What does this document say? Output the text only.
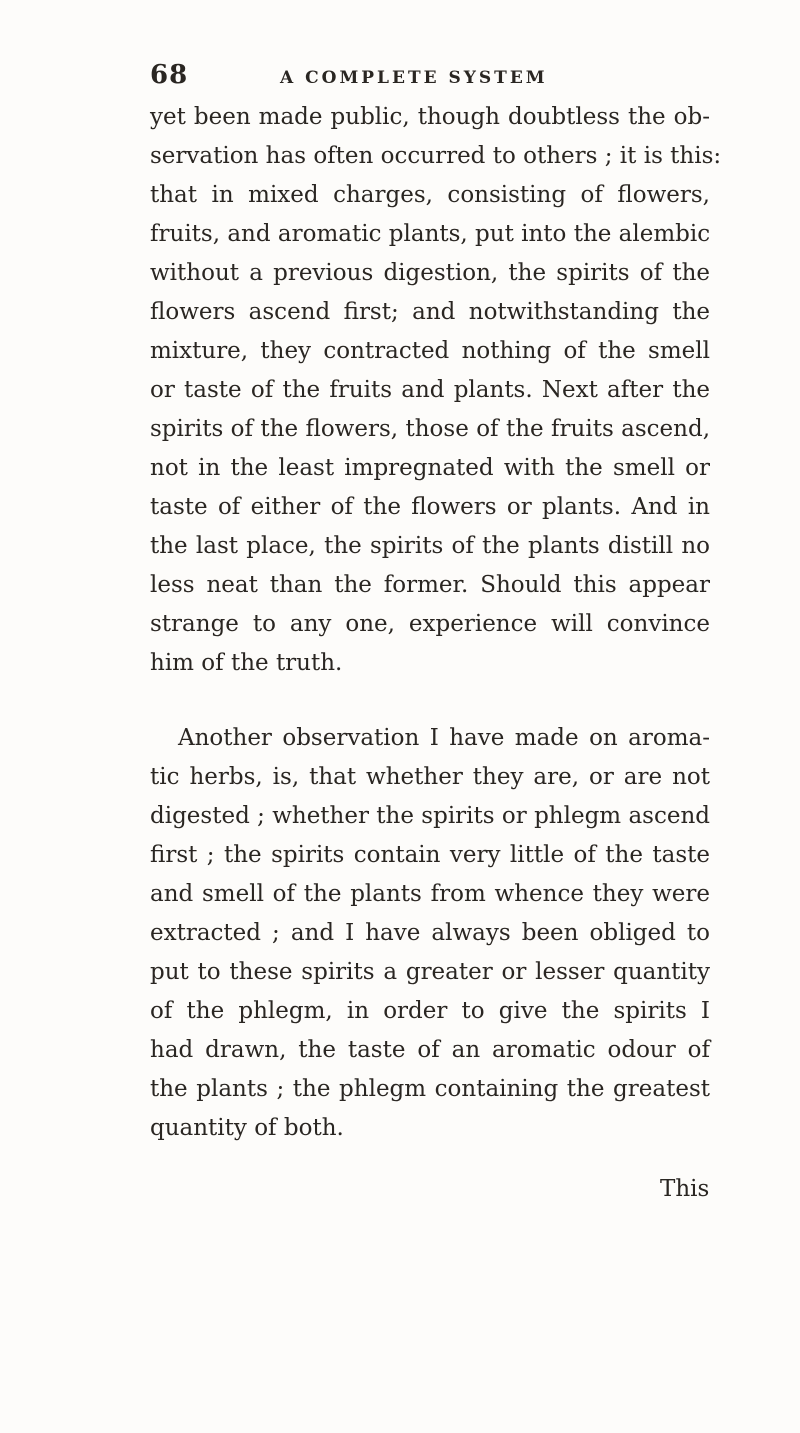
68	A COMPLETE SYSTEM
yet been made public, though doubtless the ob-
servation has often occurred to others ; it is this:
that in mixed charges, consisting of flowers,
fruits, and aromatic plants, put into the alembic
without a previous digestion, the spirits of the
flowers ascend first; and notwithstanding the
mixture, they contracted nothing of the smell
or taste of the fruits and plants. Next after the
spirits of the flowers, those of the fruits ascend,
not in the least impregnated with the smell or
taste of either of the flowers or plants. And in
the last place, the spirits of the plants distill no
less neat than the former. Should this appear
strange to any one, experience will convince
him of the truth.
Another observation I have made on aroma-
tic herbs, is, that whether they are, or are not
digested ; whether the spirits or phlegm ascend
first ; the spirits contain very little of the taste
and smell of the plants from whence they were
extracted ; and I have always been obliged to
put to these spirits a greater or lesser quantity
of the phlegm, in order to give the spirits I
had drawn, the taste of an aromatic odour of
the plants ; the phlegm containing the greatest
quantity of both.
This
